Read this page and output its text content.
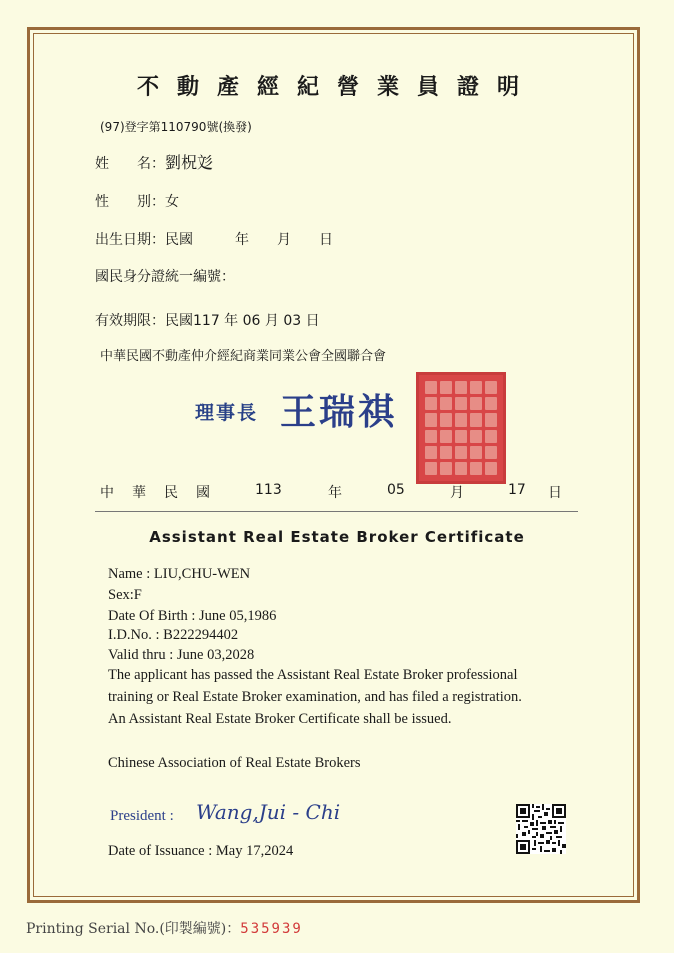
不動產經紀營業員證明
(97)登字第110790號(換發)
姓　　名：劉柷彣
性　　別：女
出生日期：民國　　　年　　月　　日
國民身分證統一編號：
有效期限：民國117 年 06 月 03 日
中華民國不動產仲介經紀商業同業公會全國聯合會
理事長 王瑞祺
中　華　民　國	113	年	05	月	17 日
Assistant Real Estate Broker Certificate
Name : LIU,CHU-WEN
Sex:F
Date Of Birth : June 05,1986
I.D.No. : B222294402
Valid thru : June 03,2028
The applicant has passed the Assistant Real Estate Broker professional
training or Real Estate Broker examination, and has filed a registration.
An Assistant Real Estate Broker Certificate shall be issued.
Chinese Association of Real Estate Brokers
President : Wang,Jui - Chi
Date of Issuance : May 17,2024
Printing Serial No.(印製編號)：535939
